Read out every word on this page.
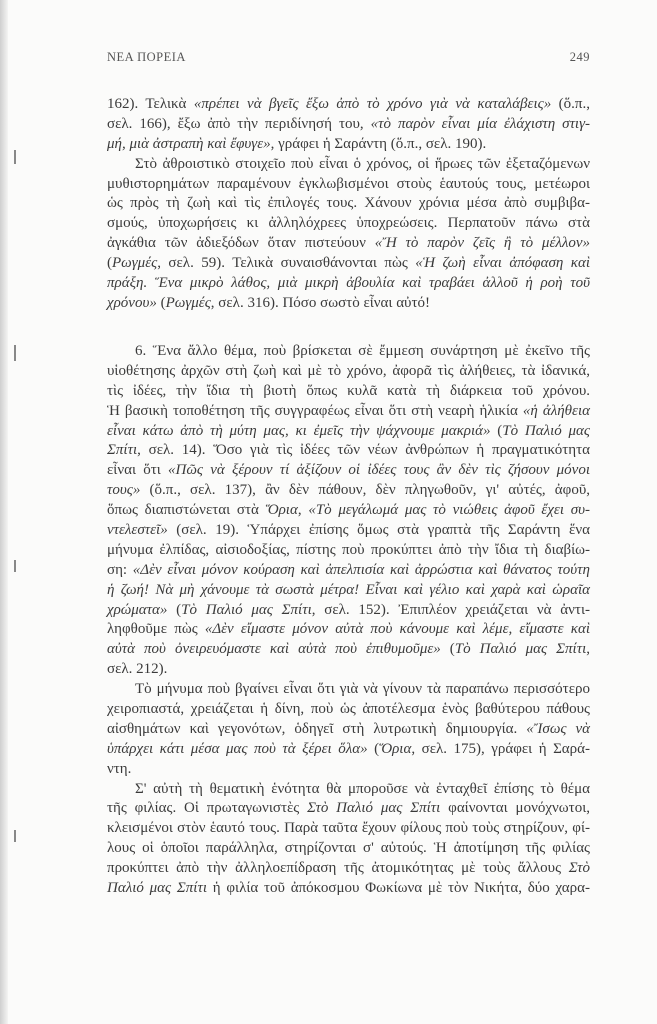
ΝΕΑ ΠΟΡΕΙΑ	249
162). Τελικὰ «πρέπει νὰ βγεῖς ἔξω ἀπὸ τὸ χρόνο γιὰ νὰ καταλάβεις» (ὅ.π.,
σελ. 166), ἔξω ἀπὸ τὴν περιδίνησή του, «τὸ παρὸν εἶναι μία ἐλάχιστη στιγ-
μή, μιὰ ἀστραπὴ καὶ ἔφυγε», γράφει ἡ Σαράντη (ὅ.π., σελ. 190).
Στὸ ἀθροιστικὸ στοιχεῖο ποὺ εἶναι ὁ χρόνος, οἱ ἥρωες τῶν ἐξεταζόμενων
μυθιστορημάτων παραμένουν ἐγκλωβισμένοι στοὺς ἑαυτούς τους, μετέωροι
ὡς πρὸς τὴ ζωὴ καὶ τὶς ἐπιλογές τους. Χάνουν χρόνια μέσα ἀπὸ συμβιβα-
σμούς, ὑποχωρήσεις κι ἀλληλόχρεες ὑποχρεώσεις. Περπατοῦν πάνω στὰ
ἀγκάθια τῶν ἀδιεξόδων ὅταν πιστεύουν «Ἤ τὸ παρὸν ζεῖς ἢ τὸ μέλλον»
(Ρωγμές, σελ. 59). Τελικὰ συναισθάνονται πὼς «Ἡ ζωὴ εἶναι ἀπόφαση καὶ
πράξη. Ἕνα μικρὸ λάθος, μιὰ μικρὴ ἀβουλία καὶ τραβάει ἀλλοῦ ἡ ροὴ τοῦ
χρόνου» (Ρωγμές, σελ. 316). Πόσο σωστὸ εἶναι αὐτό!
6. Ἕνα ἄλλο θέμα, ποὺ βρίσκεται σὲ ἔμμεση συνάρτηση μὲ ἐκεῖνο τῆς
υἱοθέτησης ἀρχῶν στὴ ζωὴ καὶ μὲ τὸ χρόνο, ἀφορᾶ τὶς ἀλήθειες, τὰ ἰδανικά,
τὶς ἰδέες, τὴν ἴδια τὴ βιοτὴ ὅπως κυλᾶ κατὰ τὴ διάρκεια τοῦ χρόνου.
Ἡ βασικὴ τοποθέτηση τῆς συγγραφέως εἶναι ὅτι στὴ νεαρὴ ἡλικία «ἡ ἀλήθεια
εἶναι κάτω ἀπὸ τὴ μύτη μας, κι ἐμεῖς τὴν ψάχνουμε μακριά» (Τὸ Παλιό μας
Σπίτι, σελ. 14). Ὅσο γιὰ τὶς ἰδέες τῶν νέων ἀνθρώπων ἡ πραγματικότητα
εἶναι ὅτι «Πῶς νὰ ξέρουν τί ἀξίζουν οἱ ἰδέες τους ἂν δὲν τὶς ζήσουν μόνοι
τους» (ὅ.π., σελ. 137), ἂν δὲν πάθουν, δὲν πληγωθοῦν, γι' αὐτές, ἀφοῦ,
ὅπως διαπιστώνεται στὰ Ὅρια, «Τὸ μεγάλωμά μας τὸ νιώθεις ἀφοῦ ἔχει συ-
ντελεστεῖ» (σελ. 19). Ὑπάρχει ἐπίσης ὅμως στὰ γραπτὰ τῆς Σαράντη ἕνα
μήνυμα ἐλπίδας, αἰσιοδοξίας, πίστης ποὺ προκύπτει ἀπὸ τὴν ἴδια τὴ διαβίω-
ση: «Δὲν εἶναι μόνον κούραση καὶ ἀπελπισία καὶ ἀρρώστια καὶ θάνατος τούτη
ἡ ζωή! Νὰ μὴ χάνουμε τὰ σωστὰ μέτρα! Εἶναι καὶ γέλιο καὶ χαρὰ καὶ ὡραῖα
χρώματα» (Τὸ Παλιό μας Σπίτι, σελ. 152). Ἐπιπλέον χρειάζεται νὰ ἀντι-
ληφθοῦμε πὼς «Δὲν εἴμαστε μόνον αὐτὰ ποὺ κάνουμε καὶ λέμε, εἴμαστε καὶ
αὐτὰ ποὺ ὀνειρευόμαστε καὶ αὐτὰ ποὺ ἐπιθυμοῦμε» (Τὸ Παλιό μας Σπίτι,
σελ. 212).
Τὸ μήνυμα ποὺ βγαίνει εἶναι ὅτι γιὰ νὰ γίνουν τὰ παραπάνω περισσότερο
χειροπιαστά, χρειάζεται ἡ δίνη, ποὺ ὡς ἀποτέλεσμα ἑνὸς βαθύτερου πάθους
αἰσθημάτων καὶ γεγονότων, ὁδηγεῖ στὴ λυτρωτικὴ δημιουργία. «Ἴσως νὰ
ὑπάρχει κάτι μέσα μας ποὺ τὰ ξέρει ὅλα» (Ὅρια, σελ. 175), γράφει ἡ Σαρά-
ντη.
Σ' αὐτὴ τὴ θεματικὴ ἑνότητα θὰ μποροῦσε νὰ ἐνταχθεῖ ἐπίσης τὸ θέμα
τῆς φιλίας. Οἱ πρωταγωνιστὲς Στὸ Παλιό μας Σπίτι φαίνονται μονόχνωτοι,
κλεισμένοι στὸν ἑαυτό τους. Παρὰ ταῦτα ἔχουν φίλους ποὺ τοὺς στηρίζουν, φί-
λους οἱ ὁποῖοι παράλληλα, στηρίζονται σ' αὐτούς. Ἡ ἀποτίμηση τῆς φιλίας
προκύπτει ἀπὸ τὴν ἀλληλοεπίδραση τῆς ἀτομικότητας μὲ τοὺς ἄλλους Στὸ
Παλιό μας Σπίτι ἡ φιλία τοῦ ἀπόκοσμου Φωκίωνα μὲ τὸν Νικήτα, δύο χαρα-
